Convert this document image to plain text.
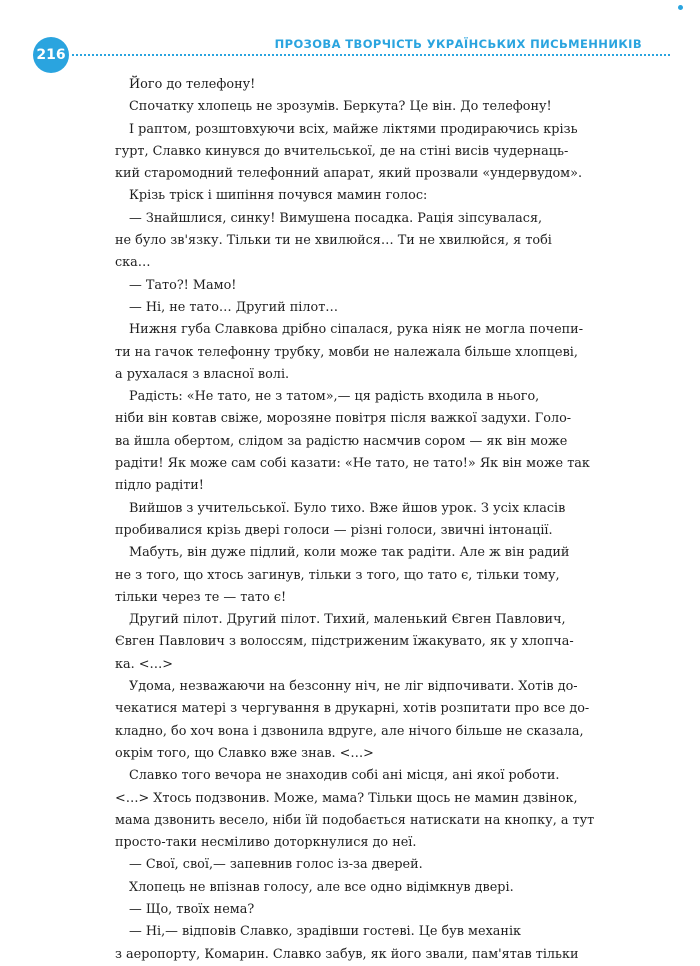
216
ПРОЗОВА ТВОРЧІСТЬ УКРАЇНСЬКИХ ПИСЬМЕННИКІВ

Його до телефону!

Спочатку хлопець не зрозумів. Беркута? Це він. До телефону!

І раптом, розштовхуючи всіх, майже ліктями продираючись крізь

гурт, Славко кинувся до вчительської, де на стіні висів чудернаць-

кий старомодний телефонний апарат, який прозвали «ундервудом».

Крізь тріск і шипіння почувся мамин голос:

— Знайшлися, синку! Вимушена посадка. Рація зіпсувалася,

не було зв'язку. Тільки ти не хвилюйся… Ти не хвилюйся, я тобі

ска…

— Тато?! Мамо!

— Ні, не тато… Другий пілот…

Нижня губа Славкова дрібно сіпалася, рука ніяк не могла почепи-

ти на гачок телефонну трубку, мовби не належала більше хлопцеві,

а рухалася з власної волі.

Радість: «Не тато, не з татом»,— ця радість входила в нього,

ніби він ковтав свіже, морозяне повітря після важкої задухи. Голо-

ва йшла обертом, слідом за радістю насмчив сором — як він може

радіти! Як може сам собі казати: «Не тато, не тато!» Як він може так

підло радіти!

Вийшов з учительської. Було тихо. Вже йшов урок. З усіх класів

пробивалися крізь двері голоси — різні голоси, звичні інтонації.

Мабуть, він дуже підлий, коли може так радіти. Але ж він радий

не з того, що хтось загинув, тільки з того, що тато є, тільки тому,

тільки через те — тато є!

Другий пілот. Другий пілот. Тихий, маленький Євген Павлович,

Євген Павлович з волоссям, підстриженим їжакувато, як у хлопча-

ка. <…>

Удома, незважаючи на безсонну ніч, не ліг відпочивати. Хотів до-

чекатися матері з чергування в друкарні, хотів розпитати про все до-

кладно, бо хоч вона і дзвонила вдруге, але нічого більше не сказала,

окрім того, що Славко вже знав. <…>

Славко того вечора не знаходив собі ані місця, ані якої роботи.

<…> Хтось подзвонив. Може, мама? Тільки щось не мамин дзвінок,

мама дзвонить весело, ніби їй подобається натискати на кнопку, а тут

просто-таки несміливо доторкнулися до неї.

— Свої, свої,— запевнив голос із-за дверей.

Хлопець не впізнав голосу, але все одно відімкнув двері.

— Що, твоїх нема?

— Ні,— відповів Славко, зрадівши гостеві. Це був механік

з аеропорту, Комарин. Славко забув, як його звали, пам'ятав тільки
